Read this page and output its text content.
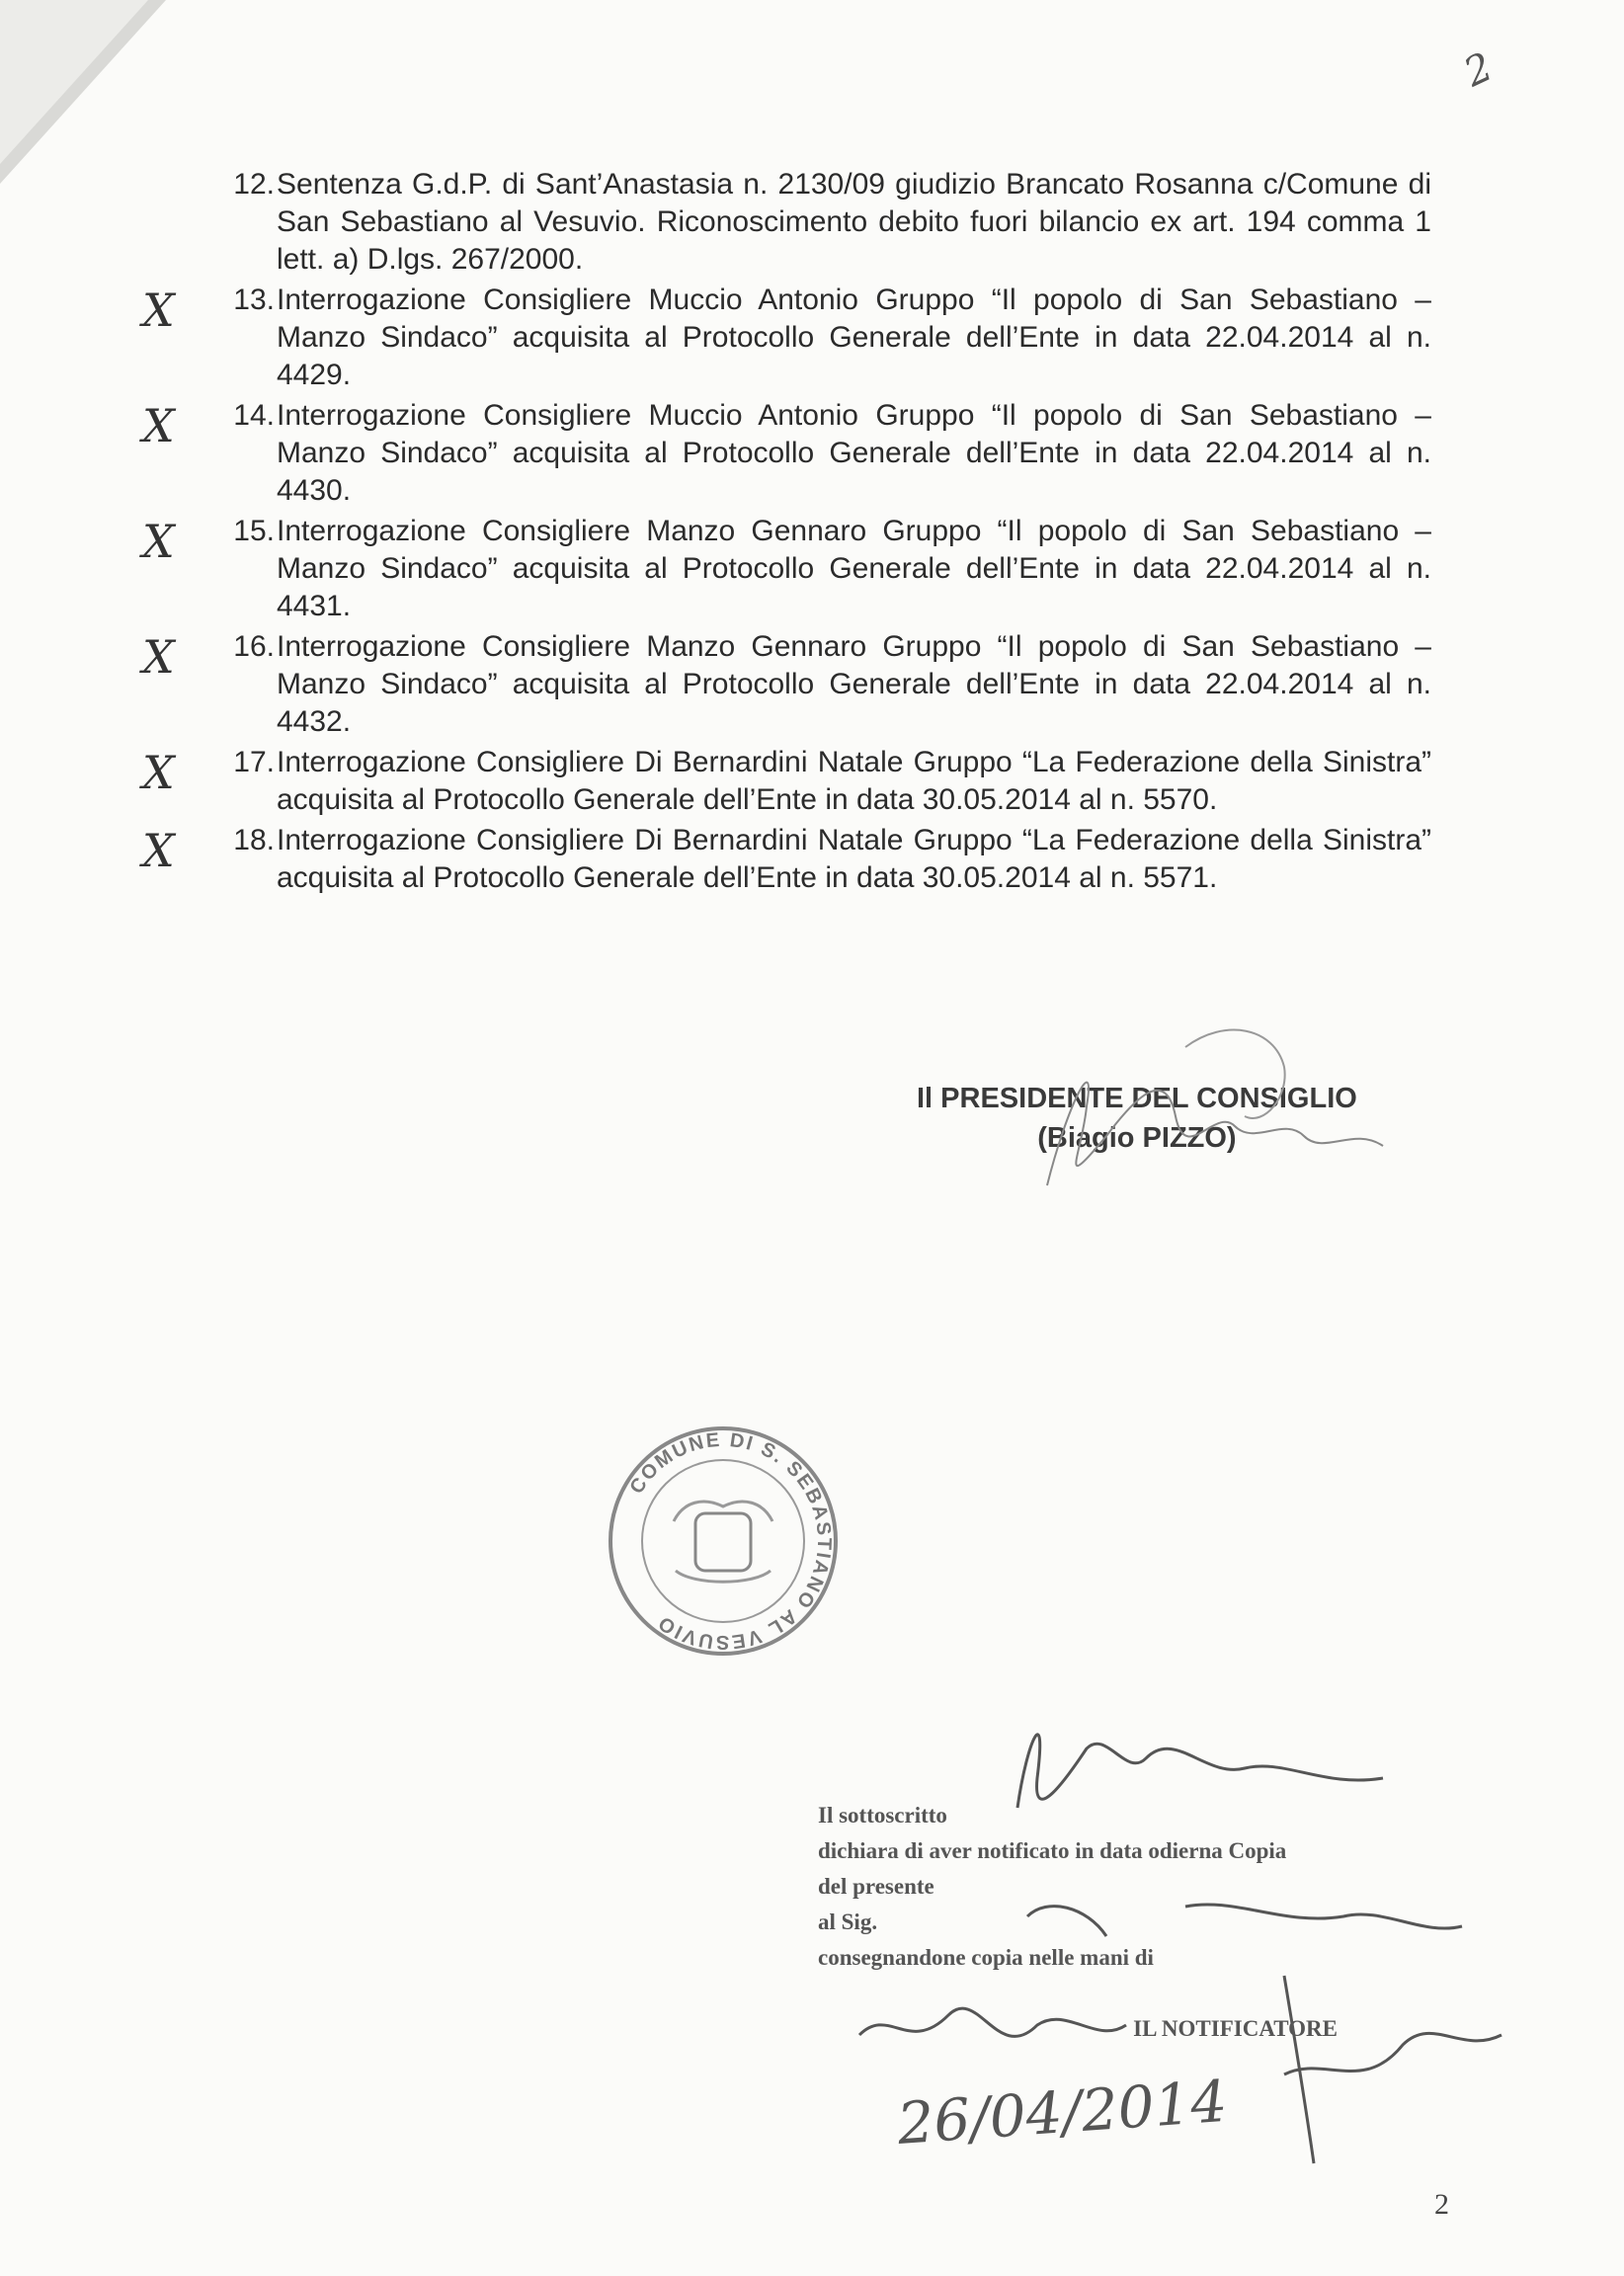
2
12. Sentenza G.d.P. di Sant’Anastasia n. 2130/09 giudizio Brancato Rosanna c/Comune di San Sebastiano al Vesuvio. Riconoscimento debito fuori bilancio ex art. 194 comma 1 lett. a) D.lgs. 267/2000.
X	13. Interrogazione Consigliere Muccio Antonio Gruppo “Il popolo di San Sebastiano – Manzo Sindaco” acquisita al Protocollo Generale dell’Ente in data 22.04.2014 al n. 4429.
X	14. Interrogazione Consigliere Muccio Antonio Gruppo “Il popolo di San Sebastiano – Manzo Sindaco” acquisita al Protocollo Generale dell’Ente in data 22.04.2014 al n. 4430.
X	15. Interrogazione Consigliere Manzo Gennaro Gruppo “Il popolo di San Sebastiano – Manzo Sindaco” acquisita al Protocollo Generale dell’Ente in data 22.04.2014 al n. 4431.
X	16. Interrogazione Consigliere Manzo Gennaro Gruppo “Il popolo di San Sebastiano – Manzo Sindaco” acquisita al Protocollo Generale dell’Ente in data 22.04.2014 al n. 4432.
X	17. Interrogazione Consigliere Di Bernardini Natale Gruppo “La Federazione della Sinistra” acquisita al Protocollo Generale dell’Ente in data 30.05.2014 al n. 5570.
X	18. Interrogazione Consigliere Di Bernardini Natale Gruppo “La Federazione della Sinistra” acquisita al Protocollo Generale dell’Ente in data 30.05.2014 al n. 5571.
Il PRESIDENTE DEL CONSIGLIO
(Biagio PIZZO)
COMUNE DI S. SEBASTIANO AL VESUVIO
Il sottoscritto
dichiara di aver notificato in data odierna Copia
del presente
al Sig.
consegnandone copia nelle mani di
IL NOTIFICATORE
26/04/2014
2
